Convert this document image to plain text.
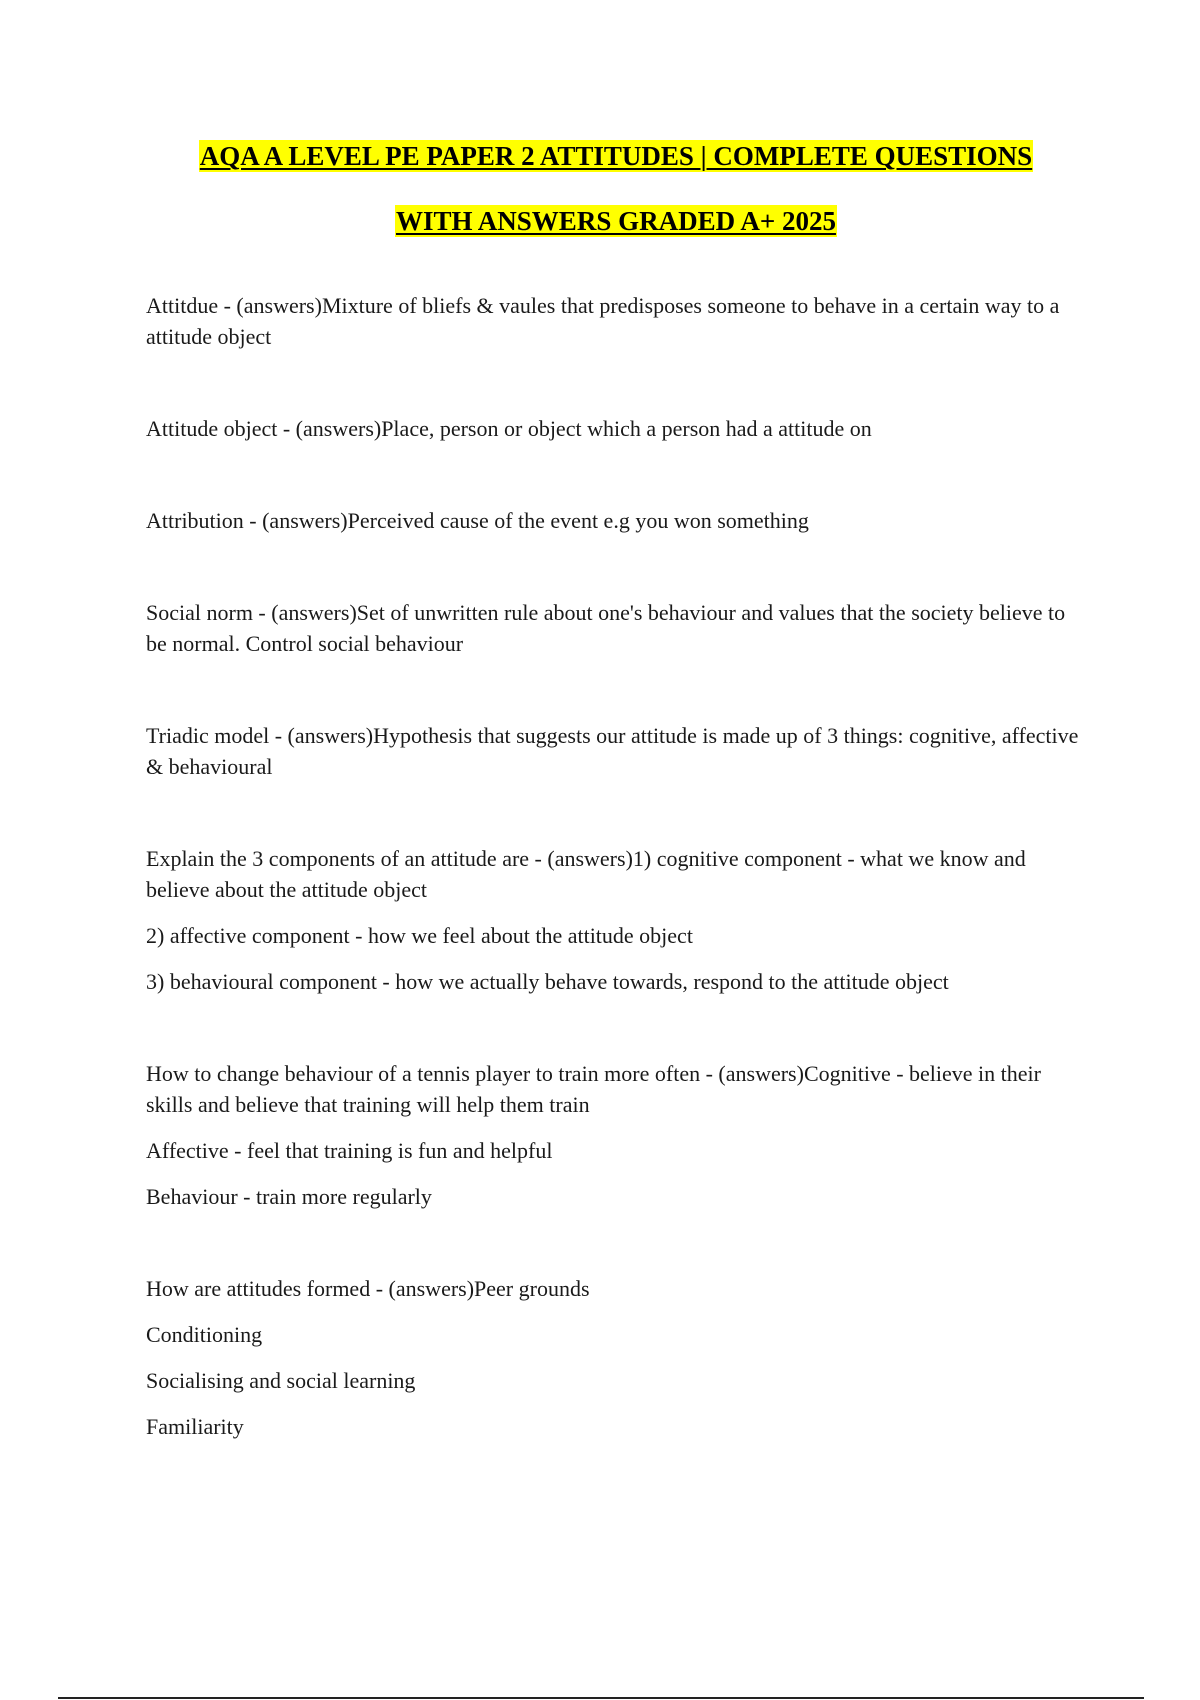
AQA A LEVEL PE PAPER 2 ATTITUDES | COMPLETE QUESTIONS
WITH ANSWERS GRADED A+ 2025
Attitdue - (answers)Mixture of bliefs & vaules that predisposes someone to behave in a certain way to a attitude object
Attitude object - (answers)Place, person or object which a person had a attitude on
Attribution - (answers)Perceived cause of the event e.g you won something
Social norm - (answers)Set of unwritten rule about one's behaviour and values that the society believe to be normal. Control social behaviour
Triadic model - (answers)Hypothesis that suggests our attitude is made up of 3 things: cognitive, affective & behavioural
Explain the 3 components of an attitude are - (answers)1) cognitive component - what we know and believe about the attitude object
2) affective component - how we feel about the attitude object
3) behavioural component - how we actually behave towards, respond to the attitude object
How to change behaviour of a tennis player to train more often - (answers)Cognitive - believe in their skills and believe that training will help them train
Affective - feel that training is fun and helpful
Behaviour - train more regularly
How are attitudes formed - (answers)Peer grounds
Conditioning
Socialising and social learning
Familiarity
